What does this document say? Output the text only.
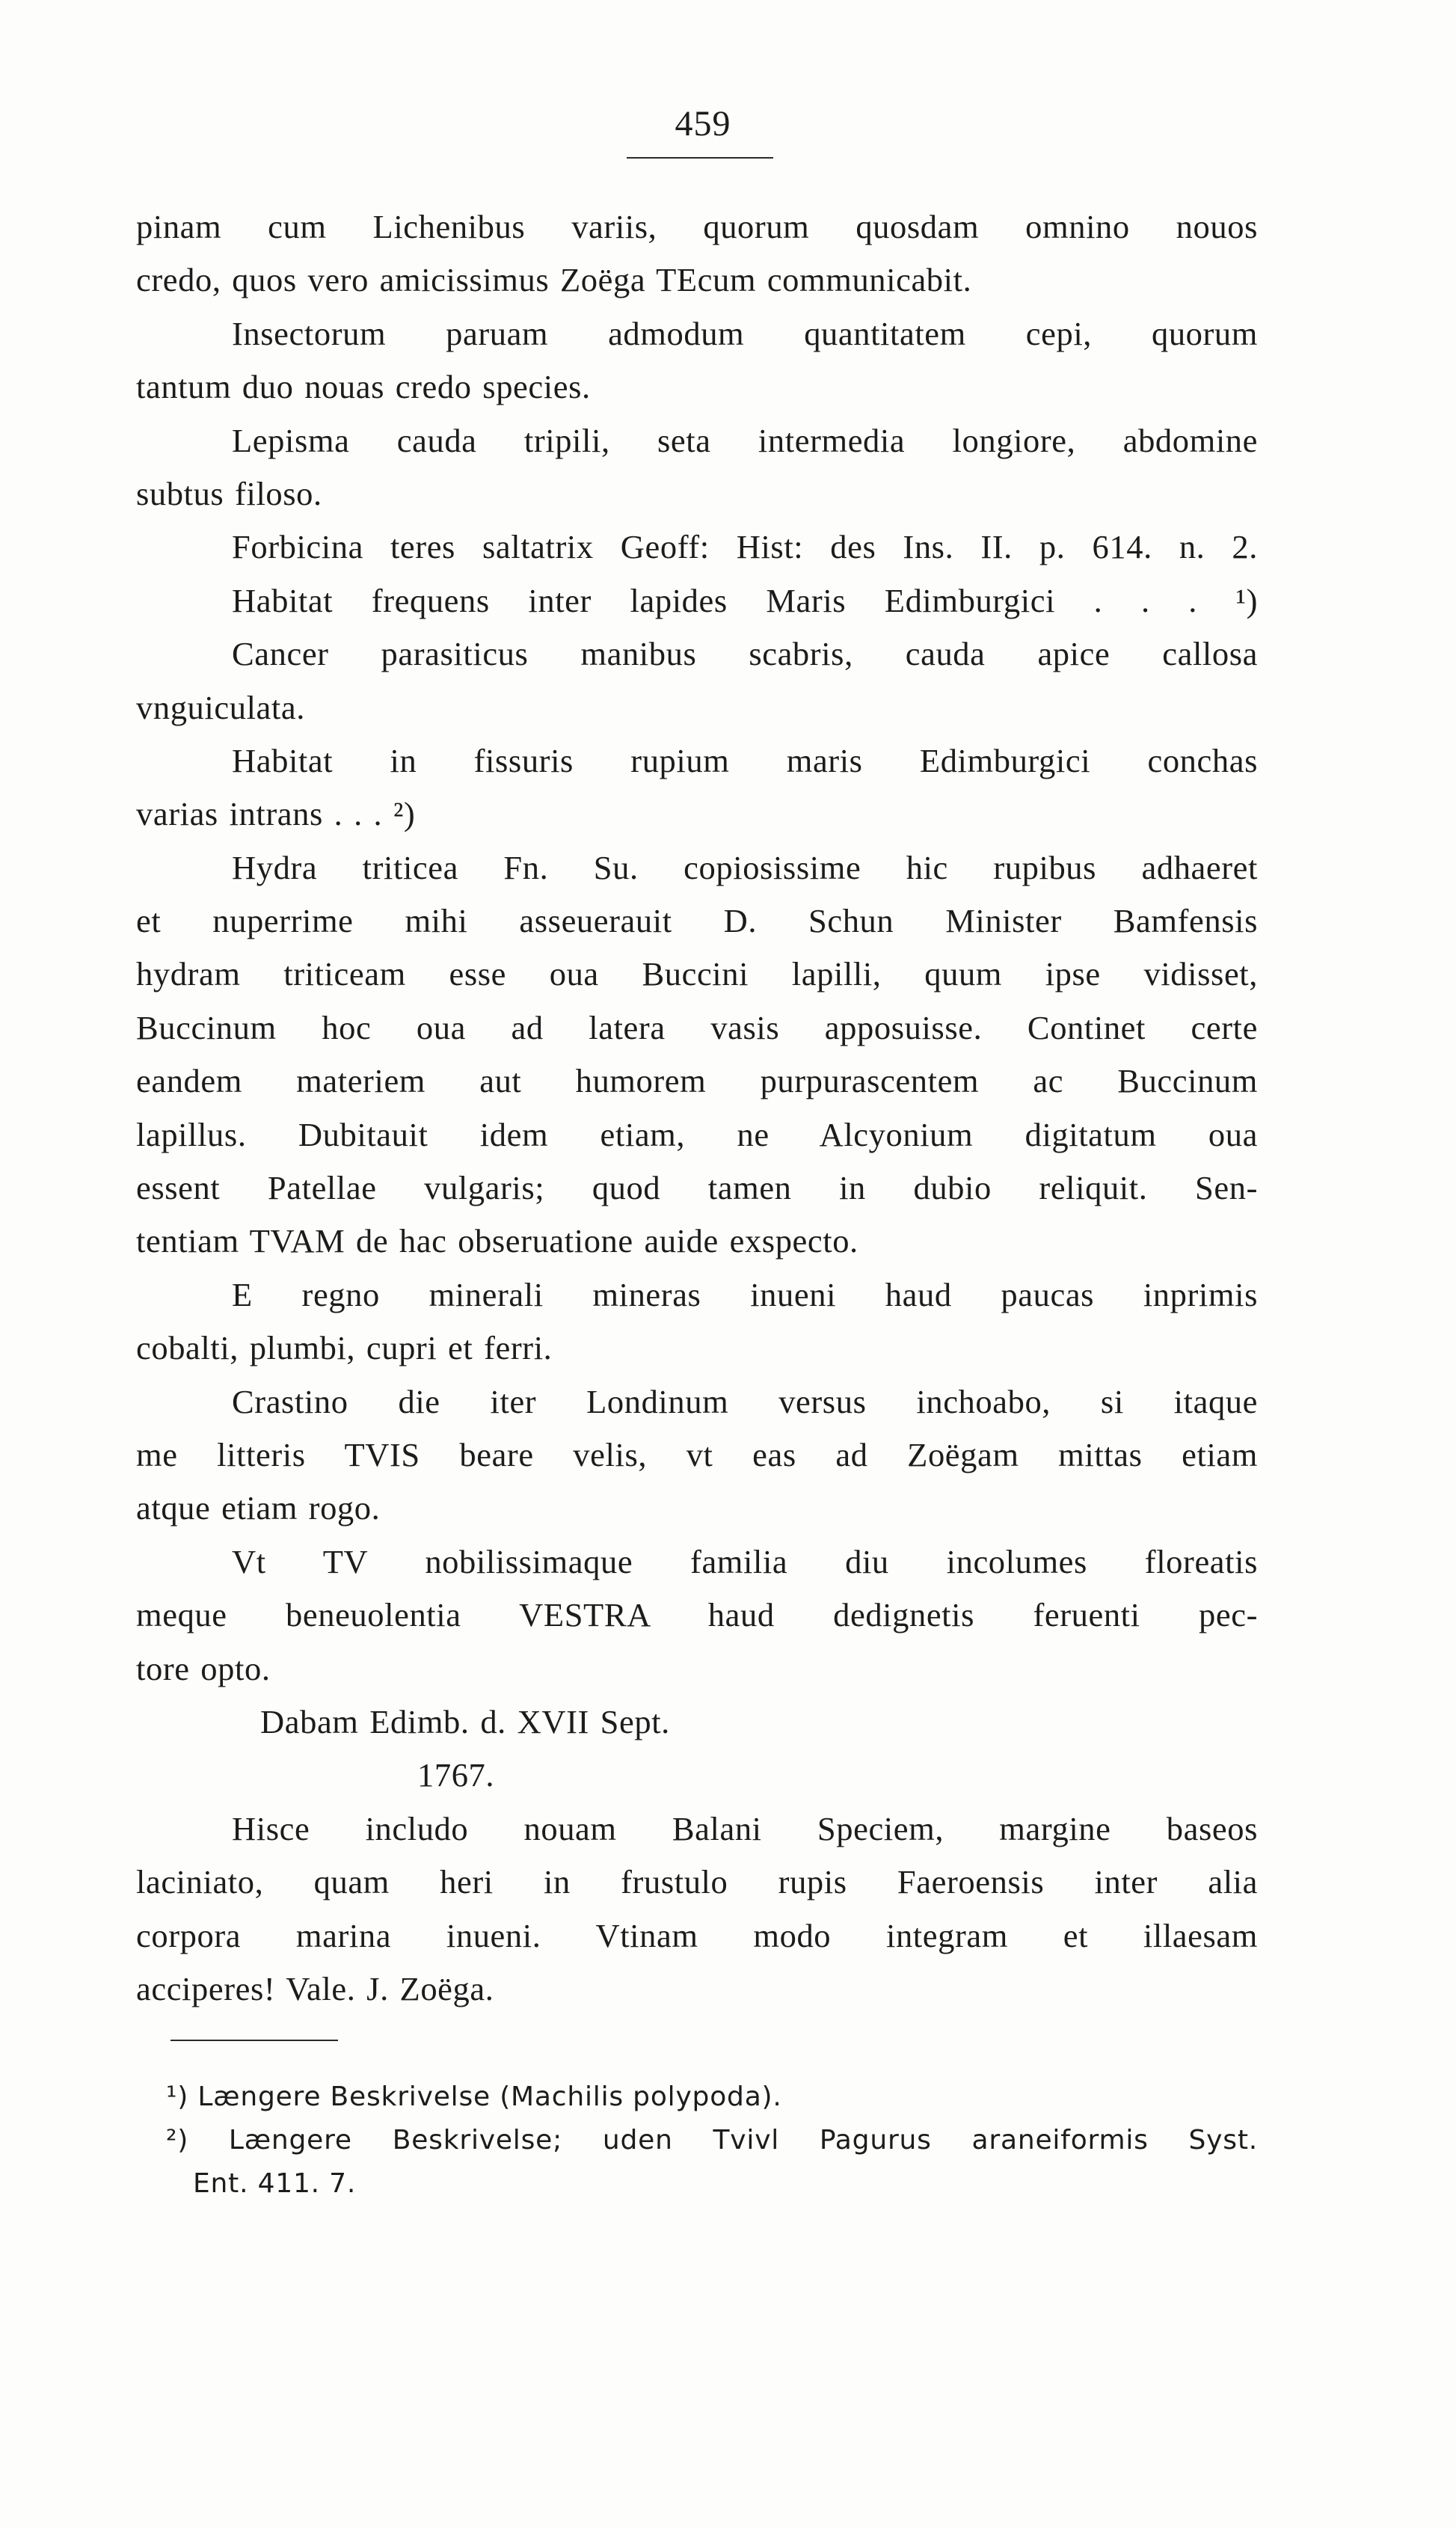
459
pinam cum Lichenibus variis, quorum quosdam omnino nouos
credo, quos vero amicissimus Zoëga TEcum communicabit.
Insectorum paruam admodum quantitatem cepi, quorum
tantum duo nouas credo species.
Lepisma cauda tripili, seta intermedia longiore, abdomine
subtus filoso.
Forbicina teres saltatrix Geoff: Hist: des Ins. II. p. 614. n. 2.
Habitat frequens inter lapides Maris Edimburgici . . . ¹)
Cancer parasiticus manibus scabris, cauda apice callosa
vnguiculata.
Habitat in fissuris rupium maris Edimburgici conchas
varias intrans . . . ²)
Hydra triticea Fn. Su. copiosissime hic rupibus adhaeret
et nuperrime mihi asseuerauit D. Schun Minister Bamfensis
hydram triticeam esse oua Buccini lapilli, quum ipse vidisset,
Buccinum hoc oua ad latera vasis apposuisse. Continet certe
eandem materiem aut humorem purpurascentem ac Buccinum
lapillus. Dubitauit idem etiam, ne Alcyonium digitatum oua
essent Patellae vulgaris; quod tamen in dubio reliquit. Sen-
tentiam TVAM de hac obseruatione auide exspecto.
E regno minerali mineras inueni haud paucas inprimis
cobalti, plumbi, cupri et ferri.
Crastino die iter Londinum versus inchoabo, si itaque
me litteris TVIS beare velis, vt eas ad Zoëgam mittas etiam
atque etiam rogo.
Vt TV nobilissimaque familia diu incolumes floreatis
meque beneuolentia VESTRA haud dedignetis feruenti pec-
tore opto.
Dabam Edimb. d. XVII Sept.
1767.
Hisce includo nouam Balani Speciem, margine baseos
laciniato, quam heri in frustulo rupis Faeroensis inter alia
corpora marina inueni. Vtinam modo integram et illaesam
acciperes! Vale. J. Zoëga.
¹) Længere Beskrivelse (Machilis polypoda).
²) Længere Beskrivelse; uden Tvivl Pagurus araneiformis Syst.
Ent. 411. 7.
